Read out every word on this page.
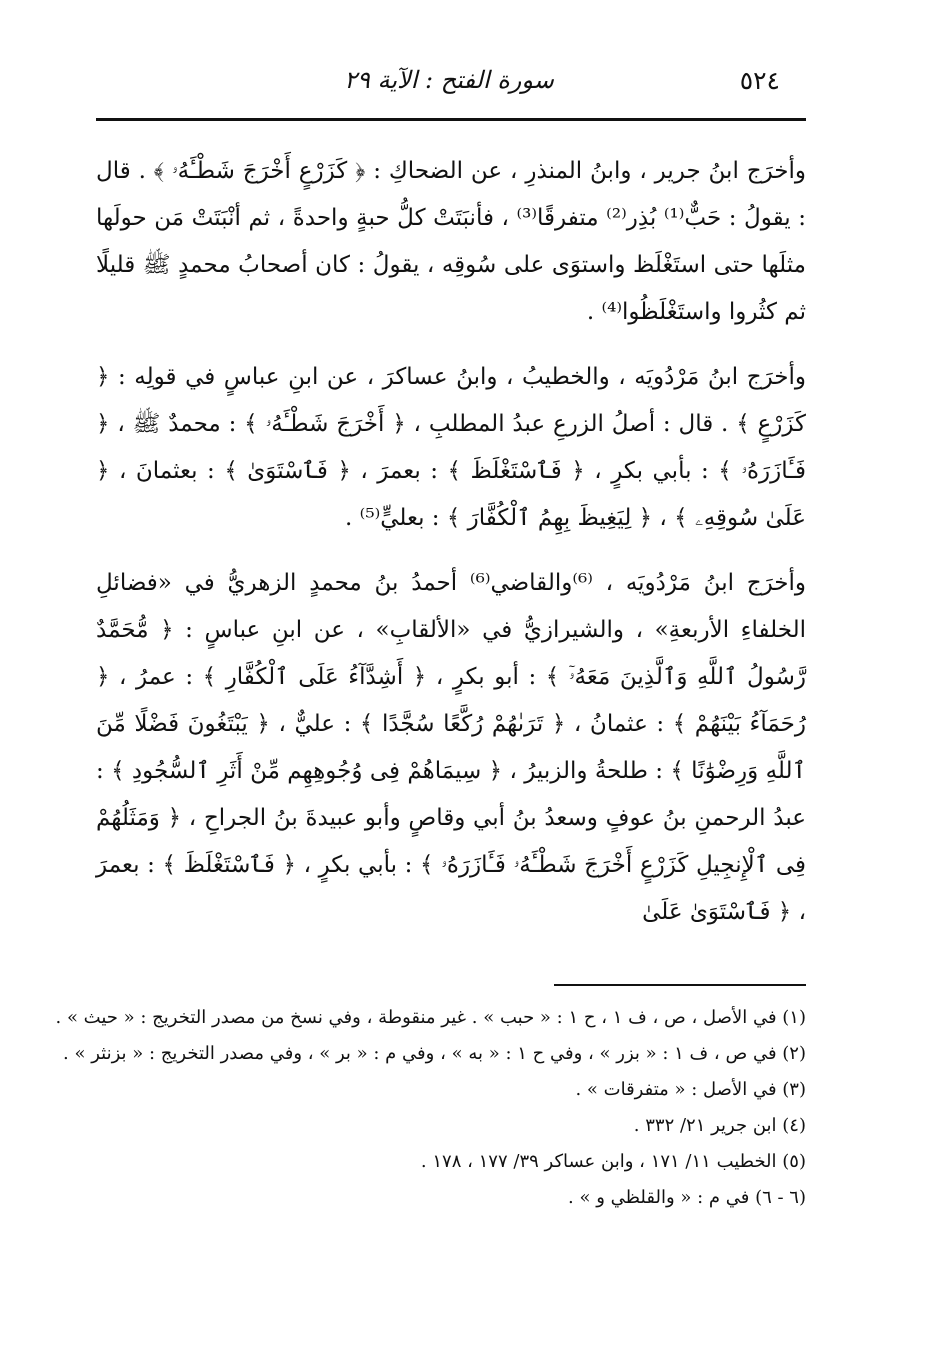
٥٢٤
سورة الفتح : الآية ٢٩

وأخرَج ابنُ جرير ، وابنُ المنذرِ ، عن الضحاكِ : ﴿ كَزَرْعٍ أَخْرَجَ شَطْـَٔهُۥ ﴾ . قال : يقولُ : حَبٌّ⁽¹⁾ بُذِر⁽²⁾ متفرقًا⁽³⁾ ، فأنبَتَتْ كلُّ حبةٍ واحدةً ، ثم أنْبَتَتْ مَن حولَها مثلَها حتى استَغْلَظ واستوَى على سُوقِه ، يقولُ : كان أصحابُ محمدٍ ﷺ قليلًا ثم كثُروا واستَغْلَظُوا⁽⁴⁾ .

وأخرَج ابنُ مَرْدُويَه ، والخطيبُ ، وابنُ عساكرَ ، عن ابنِ عباسٍ في قولِه : ﴿ كَزَرْعٍ ﴾ . قال : أصلُ الزرعِ عبدُ المطلبِ ، ﴿ أَخْرَجَ شَطْـَٔهُۥ ﴾ : محمدٌ ﷺ ، ﴿ فَـَٔازَرَهُۥ ﴾ : بأبي بكرٍ ، ﴿ فَٱسْتَغْلَظَ ﴾ : بعمرَ ، ﴿ فَٱسْتَوَىٰ ﴾ : بعثمانَ ، ﴿ عَلَىٰ سُوقِهِۦ ﴾ ، ﴿ لِيَغِيظَ بِهِمُ ٱلْكُفَّارَ ﴾ : بعليٍّ⁽⁵⁾ .

وأخرَج ابنُ مَرْدُويَه ، ⁽⁶⁾والقاضي⁽⁶⁾ أحمدُ بنُ محمدٍ الزهريُّ في «فضائلِ الخلفاءِ الأربعةِ» ، والشيرازيُّ في «الألقابِ» ، عن ابنِ عباسٍ : ﴿ مُّحَمَّدٌ رَّسُولُ ٱللَّهِ وَٱلَّذِينَ مَعَهُۥٓ ﴾ : أبو بكرٍ ، ﴿ أَشِدَّآءُ عَلَى ٱلْكُفَّارِ ﴾ : عمرُ ، ﴿ رُحَمَآءُ بَيْنَهُمْ ﴾ : عثمانُ ، ﴿ تَرَىٰهُمْ رُكَّعًا سُجَّدًا ﴾ : عليٌّ ، ﴿ يَبْتَغُونَ فَضْلًا مِّنَ ٱللَّهِ وَرِضْوَٰنًا ﴾ : طلحةُ والزبيرُ ، ﴿ سِيمَاهُمْ فِى وُجُوهِهِم مِّنْ أَثَرِ ٱلسُّجُودِ ﴾ : عبدُ الرحمنِ بنُ عوفٍ وسعدُ بنُ أبي وقاصٍ وأبو عبيدةَ بنُ الجراحِ ، ﴿ وَمَثَلُهُمْ فِى ٱلْإِنجِيلِ كَزَرْعٍ أَخْرَجَ شَطْـَٔهُۥ فَـَٔازَرَهُۥ ﴾ : بأبي بكرٍ ، ﴿ فَٱسْتَغْلَظَ ﴾ : بعمرَ ، ﴿ فَٱسْتَوَىٰ عَلَىٰ

(١) في الأصل ، ص ، ف ١ ، ح ١ : « حبب » . غير منقوطة ، وفي نسخ من مصدر التخريج : « حيث » .

(٢) في ص ، ف ١ : « بزر » ، وفي ح ١ : « به » ، وفي م : « بر » ، وفي مصدر التخريج : « بزنثر » .

(٣) في الأصل : « متفرقات » .

(٤) ابن جرير ٢١/ ٣٣٢ .

(٥) الخطيب ١١/ ١٧١ ، وابن عساكر ٣٩/ ١٧٧ ، ١٧٨ .

(٦ - ٦) في م : « والقلظي و » .
